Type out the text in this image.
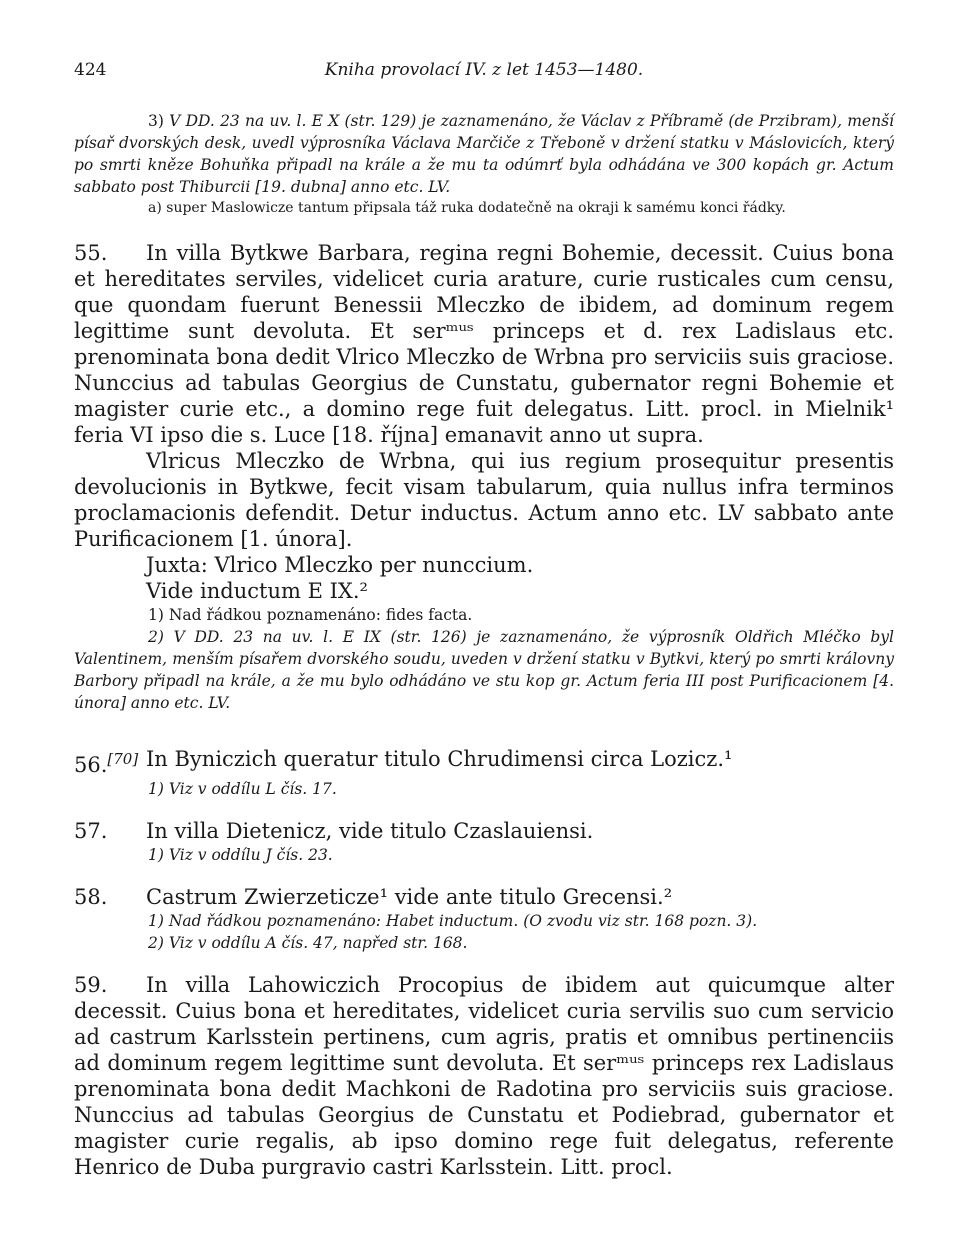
424	Kniha provolací IV. z let 1453—1480.

3) V DD. 23 na uv. l. E X (str. 129) je zaznamenáno, že Václav z Příbramě (de Przibram), menší písař dvorských desk, uvedl výprosníka Václava Marčiče z Třeboně v držení statku v Máslovicích, který po smrti kněze Bohuňka připadl na krále a že mu ta odúmrť byla odhádána ve 300 kopách gr. Actum sabbato post Thiburcii [19. dubna] anno etc. LV.

a) super Maslowicze tantum připsala táž ruka dodatečně na okraji k samému konci řádky.

55.	In villa Bytkwe Barbara, regina regni Bohemie, decessit. Cuius bona et hereditates serviles, videlicet curia arature, curie rusticales cum censu, que quondam fuerunt Benessii Mleczko de ibidem, ad dominum regem legittime sunt devoluta. Et serᵐᵘˢ princeps et d. rex Ladislaus etc. prenominata bona dedit Vlrico Mleczko de Wrbna pro serviciis suis graciose. Nunccius ad tabulas Georgius de Cunstatu, gubernator regni Bohemie et magister curie etc., a domino rege fuit delegatus. Litt. procl. in Mielnik¹ feria VI ipso die s. Luce [18. října] emanavit anno ut supra.

Vlricus Mleczko de Wrbna, qui ius regium prosequitur presentis devolucionis in Bytkwe, fecit visam tabularum, quia nullus infra terminos proclamacionis defendit. Detur inductus. Actum anno etc. LV sabbato ante Purificacionem [1. února].

Juxta: Vlrico Mleczko per nunccium.

Vide inductum E IX.²

1) Nad řádkou poznamenáno: fides facta.

2) V DD. 23 na uv. l. E IX (str. 126) je zaznamenáno, že výprosník Oldřich Mléčko byl Valentinem, menším písařem dvorského soudu, uveden v držení statku v Bytkvi, který po smrti královny Barbory připadl na krále, a že mu bylo odhádáno ve stu kop gr. Actum feria III post Purificacionem [4. února] anno etc. LV.

56.[70] In Byniczich queratur titulo Chrudimensi circa Lozicz.¹

1) Viz v oddílu L čís. 17.

57.	In villa Dietenicz, vide titulo Czaslauiensi.

1) Viz v oddílu J čís. 23.

58.	Castrum Zwierzeticze¹ vide ante titulo Grecensi.²

1) Nad řádkou poznamenáno: Habet inductum. (O zvodu viz str. 168 pozn. 3).

2) Viz v oddílu A čís. 47, napřed str. 168.

59.	In villa Lahowiczich Procopius de ibidem aut quicumque alter decessit. Cuius bona et hereditates, videlicet curia servilis suo cum servicio ad castrum Karlsstein pertinens, cum agris, pratis et omnibus pertinenciis ad dominum regem legittime sunt devoluta. Et serᵐᵘˢ princeps rex Ladislaus prenominata bona dedit Machkoni de Radotina pro serviciis suis graciose. Nunccius ad tabulas Georgius de Cunstatu et Podiebrad, gubernator et magister curie regalis, ab ipso domino rege fuit delegatus, referente Henrico de Duba purgravio castri Karlsstein. Litt. procl.
